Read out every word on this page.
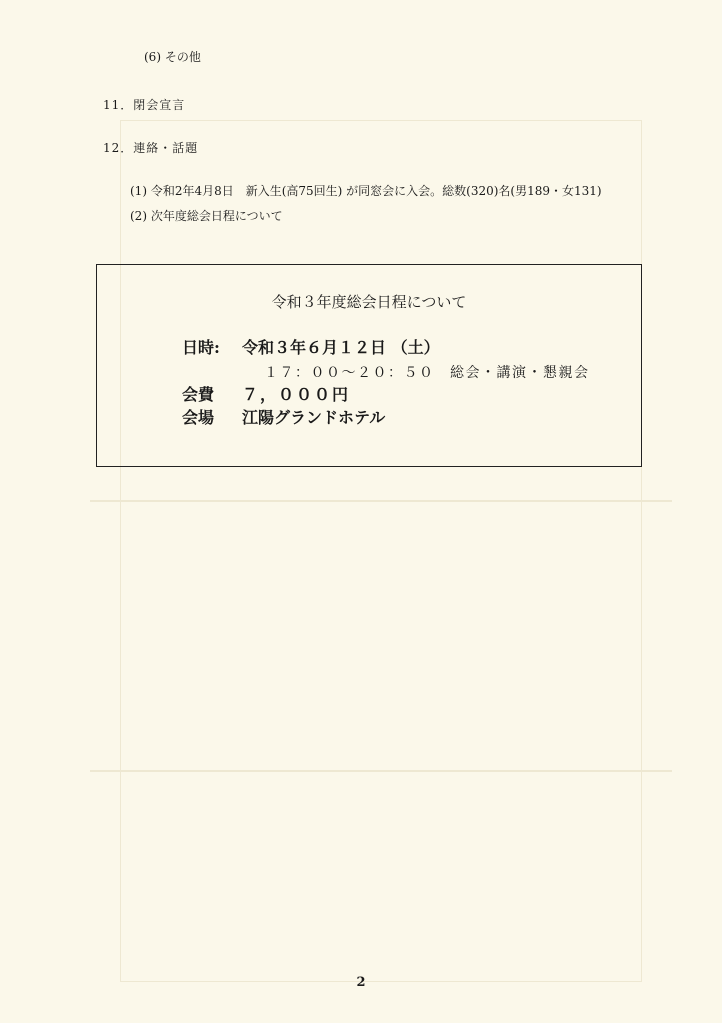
(6) その他
11．閉会宣言
12．連絡・話題
(1) 令和2年4月8日　新入生(高75回生) が同窓会に入会。総数(320)名(男189・女131)
(2) 次年度総会日程について
令和３年度総会日程について
日時: 令和３年６月１２日 （土）
１７：００～２０：５０　総会・講演・懇親会
会費 ７，０００円
会場 江陽グランドホテル
2
